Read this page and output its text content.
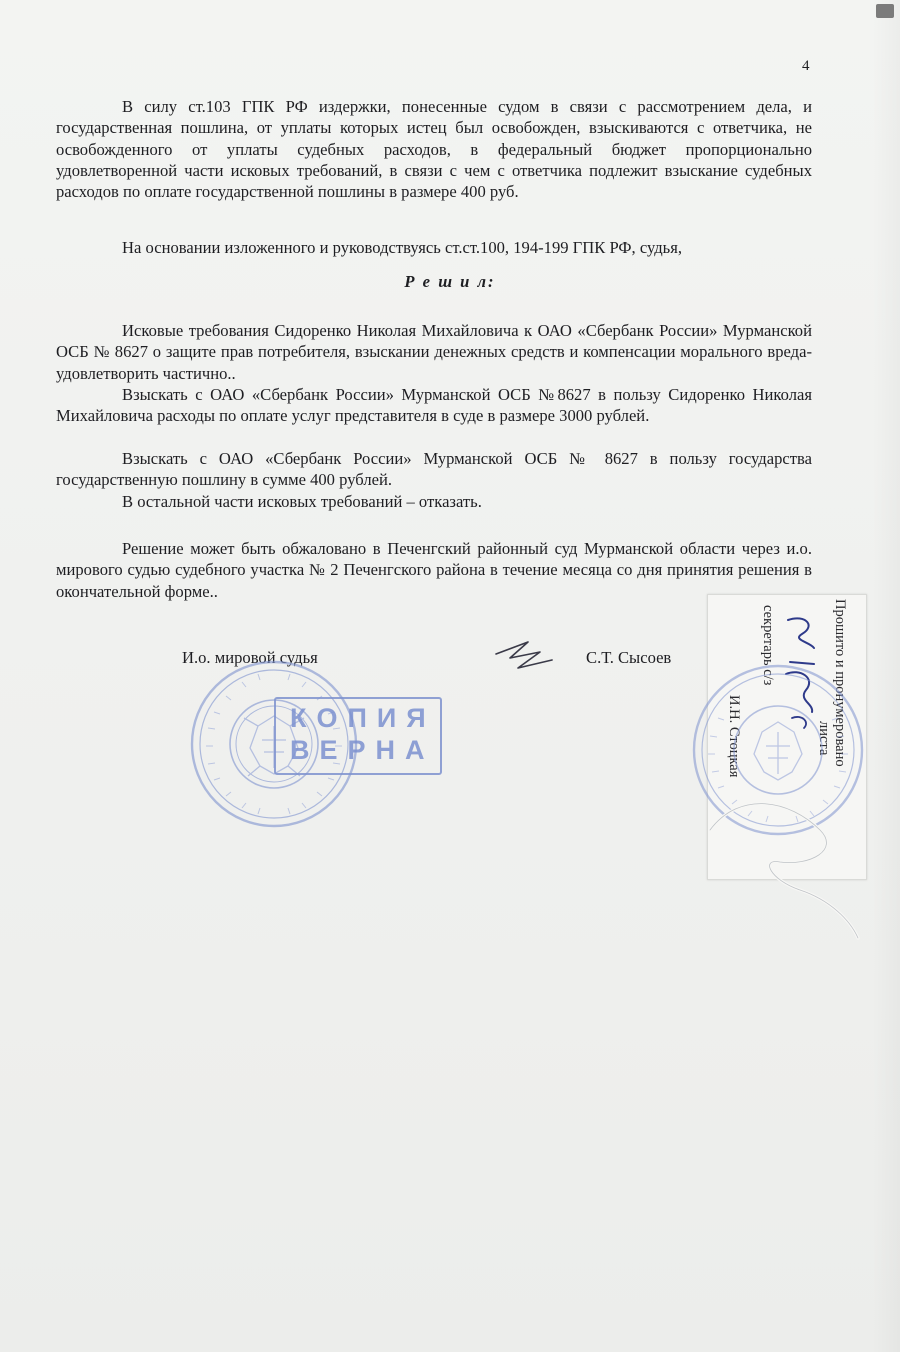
4

В силу ст.103 ГПК РФ издержки, понесенные судом в связи с рассмотрением дела, и государственная пошлина, от уплаты которых истец был освобожден, взыскиваются с ответчика, не освобожденного от уплаты судебных расходов, в федеральный бюджет пропорционально удовлетворенной части исковых требований, в связи с чем с ответчика подлежит взыскание судебных расходов по оплате государственной пошлины в размере 400 руб.

На основании изложенного и руководствуясь ст.ст.100, 194-199 ГПК РФ, судья,

Р е ш и л:

Исковые требования Сидоренко Николая Михайловича к ОАО «Сбербанк России» Мурманской ОСБ № 8627 о защите прав потребителя, взыскании денежных средств и компенсации морального вреда- удовлетворить частично..

Взыскать с ОАО «Сбербанк России» Мурманской ОСБ №8627 в пользу Сидоренко Николая Михайловича расходы по оплате услуг представителя в суде в размере 3000 рублей.

Взыскать с ОАО «Сбербанк России» Мурманской ОСБ № 8627 в пользу государства государственную пошлину в сумме 400 рублей.

В остальной части исковых требований – отказать.

Решение может быть обжаловано в Печенгский районный суд Мурманской области через и.о. мирового судью судебного участка № 2 Печенгского района в течение месяца со дня принятия решения в окончательной форме..

И.о. мировой судья	С.Т. Сысоев
КОПИЯ
ВЕРНА	Прошито и пронумеровано
листа
секретарь с/з
И.Н. Стоцкая
